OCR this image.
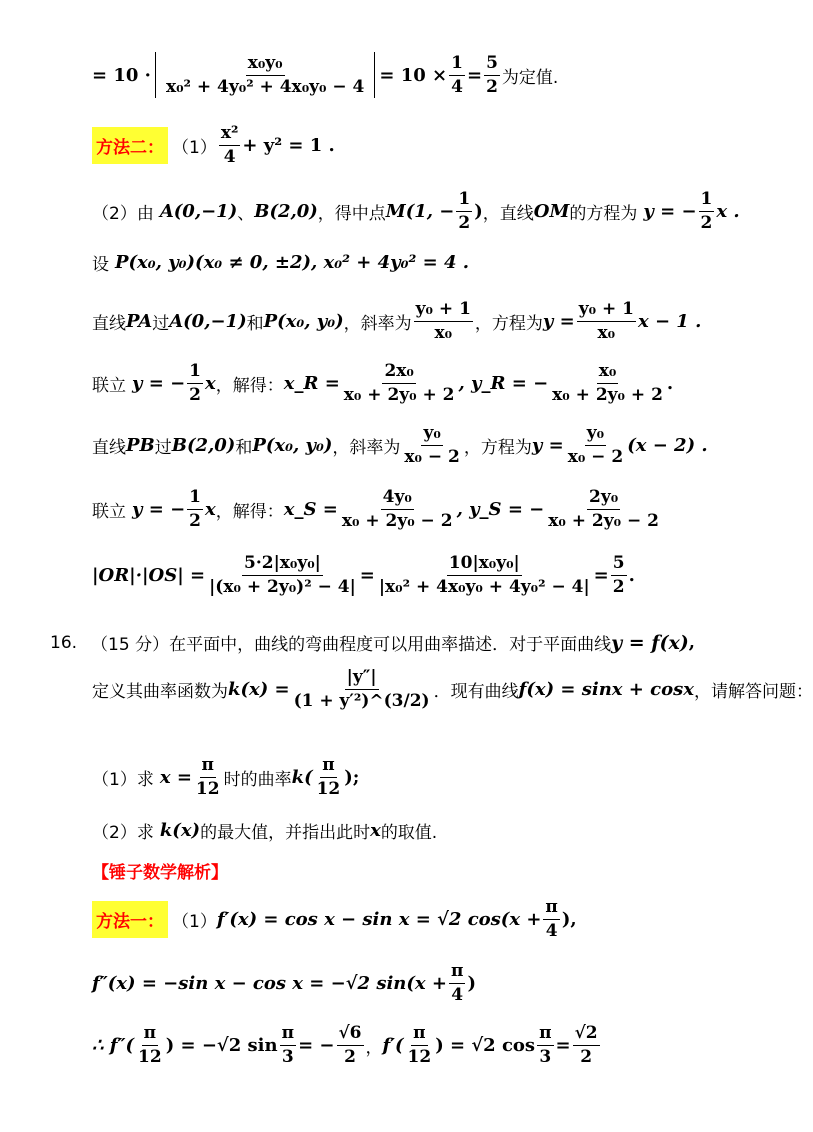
= $10 \cdot \frac{\text{x₀y₀}}{\text{x₀² + 4y₀² + 4x₀y₀ − 4}} = 10 \times \frac{1}{4} = \frac{5}{2}$ 为定值.
方法二： $(1) \frac{\text{x²}}{4} + y^2 = 1$ .
（2）由 A(0,−1) 、 B(2,0) ，得中点 M(1, − $\frac{1}{2}$ ) ，直线 OM 的方程为 y = − $\frac{1}{2}$ x .
设 P(x₀, y₀)(x₀ ≠ 0, ±2), x₀² + 4y₀² = 4 .
直线 PA 过 A(0,−1) 和 P(x₀, y₀) ，斜率为 $\frac{\text{y₀ + 1}}{\text{x₀}}$ ，方程为 $y = \frac{\text{y₀ + 1}}{\text{x₀}}$ x − 1 .
联立 y = − $\frac{1}{2}$ x ，解得： x_R = $\frac{\text{2x₀}}{\text{x₀ + 2y₀ + 2}}$ , y_R = − $\frac{\text{x₀}}{\text{x₀ + 2y₀ + 2}}$ .
直线 PB 过 B(2,0) 和 P(x₀, y₀) ，斜率为 $\frac{\text{y₀}}{\text{x₀ − 2}}$ ，方程为 $y = \frac{\text{y₀}}{\text{x₀ − 2}} (x - 2)$ .
联立 y = − $\frac{1}{2}$ x ，解得： x_S = $\frac{\text{4y₀}}{\text{x₀ + 2y₀ − 2}}$ , y_S = − $\frac{\text{2y₀}}{\text{x₀ + 2y₀ − 2}}$
$|OR|\cdot|OS| = \frac{\text{5·2|x₀y₀|}}{\text{|(x₀ + 2y₀)² − 4|}} = \frac{\text{10|x₀y₀|}}{\text{|x₀² + 4x₀y₀ + 4y₀² − 4|}} = \frac{5}{2}$ .
16. （15 分）在平面中，曲线的弯曲程度可以用曲率描述．对于平面曲线 y = f(x) ,
定义其曲率函数为 $k(x) = \frac{|y''|}{\text{(1 + y′²)\textasciicircum{}(3/2)}}$ ．现有曲线 f(x) = sinx + cosx ，请解答问题：
（1）求 $x = \frac{\pi}{12}$ 时的曲率 $k( \frac{\pi}{12}$ ) ;
（2）求 k(x) 的最大值，并指出此时 x 的取值.
【锤子数学解析】
方法一： （1） f′(x) = cos x − sin x = √2 $\cos(x + \frac{\pi}{4}$ ),
f″(x) = −sin x − cos x = −√2 $\sin(x + \frac{\pi}{4}$ )
∴ $f''( \frac{\pi}{12}$ ) = −√2 $\sin \frac{\pi}{3}$ = − $\frac{√6}{2}$ ， $f'( \frac{\pi}{12}$ ) = √2 $\cos \frac{\pi}{3} = \frac{√2}{2}$
